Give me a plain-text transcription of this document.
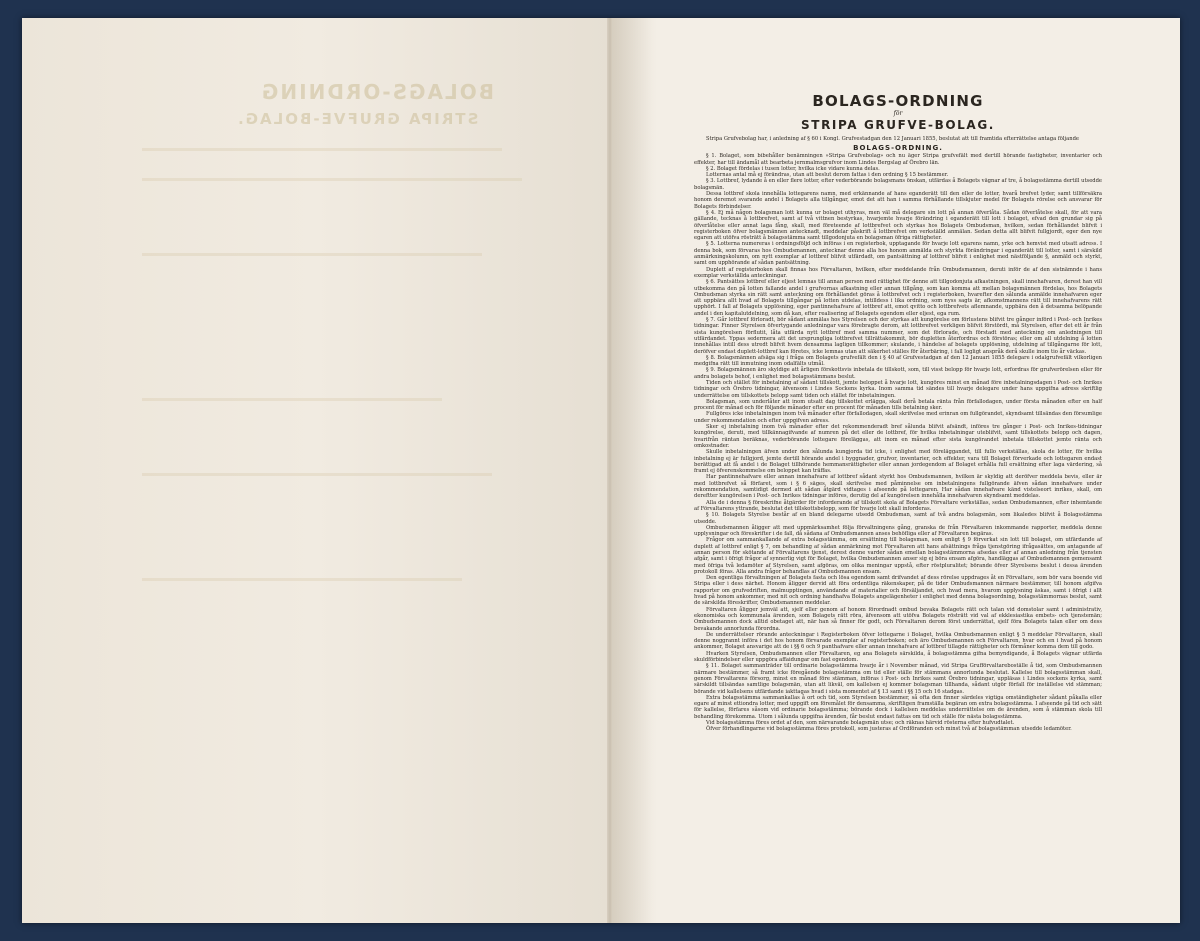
BOLAGS-ORDNING
STRIPA GRUFVE-BOLAG.
BOLAGS-ORDNING

för

STRIPA GRUFVE-BOLAG.

Stripa Grufvebolag har, i anledning af § 60 i Kongl. Grufvestadgan den 12 Januari 1855, beslutat att till framtida efterrättelse antaga följande

BOLAGS-ORDNING.

§ 1. Bolaget, som bibehåller benämningen »Stripa Grufvebolag» och nu äger Stripa grufvefält med dertill hörande fastigheter, inventarier och effekter, har till ändamål att bearbeta jernmalmsgrufvor inom Lindes Bergslag af Örebro län.

§ 2. Bolaget fördelas i tusen lotter, hvilka icke vidare kunna delas.

Lotternas antal må ej förändras, utan att beslut derom fattas i den ordning § 15 bestämmer.

§ 3. Lottbref, lydande å en eller flere lotter, efter vederbörande bolagsmans önskan, utfärdas å Bolagets vägnar af tre, å bolagsstämma dertill utsedde bolagsmän.

Dessa lottbref skola innehålla lottegarens namn, med erkännande af hans eganderätt till den eller de lotter, hvarå brefvet lyder, samt tillförsäkra honom deremot svarande andel i Bolagets alla tillgångar, emot det att han i samma förhållande tillskjuter medel för Bolagets rörelse och ansvarar för Bolagets förbindelser.

§ 4. Ej må någon bolagsman lott kunna ur bolaget uthyras, men väl må delegare sin lott på annan öfverlåta. Sådan öfverlåtelse skall, för att vara gällande, tecknas å lottbrefvet, samt af två vittnen bestyrkas, hvarjemte hvarje förändring i eganderätt till lott i bolaget, efvad den grundar sig på öfverlåtelse eller annat laga fång, skall, med företeende af lottbrefvet och styrkas hos Bolagets Ombudsman, hvilken, sedan förhållandet blifvit i registerboken öfver bolagsmännen antecknadt, meddelar påskrift å lottbrefvet om verkställd anmälan. Sedan detta allt blifvit fullgjordt, eger den nye egaren att utöfva rösträtt å bolagsstämma samt tillgodonjuta en bolagsman öfriga rättigheter.

§ 5. Lotterna numereras i ordningsföljd och införas i en registerbok, upptagande för hvarje lott egarens namn, yrke och hemvist med utsatt adress. I denna bok, som förvaras hos Ombudsmannen, antecknar denne alla hos honom anmälda och styrkta förändringar i eganderätt till lotter, samt i särskild anmärkningskolumn, om nytt exemplar af lottbref blifvit utfärdadt, om pantsättning af lottbref blifvit i enlighet med nästföljande §, anmäld och styrkt, samt om upphörande af sådan pantsättning.

Duplett af registerboken skall finnas hos Förvaltaren, hvilken, efter meddelande från Ombudsmannen, deruti inför de af den sistnämnde i hans exemplar verkställda anteckningar.

§ 6. Pantsättes lottbref eller eljest lemnas till annan person med rättighet för denne att tillgodonjuta afkastningen, skall innehafvaren, derest han vill utbekomma den på lotten fallande andel i grufvornas afkastning eller annan tillgång, som kan komma att mellan bolagsmännen fördelas, hos Bolagets Ombudsman styrka sin rätt samt anteckning om förhållandet göras å lottbrefvet och i registerboken, hvarefter den sålunda anmälde innehafvaren eger att uppbära allt hvad af Bolagets tillgångar på lotten utdelas, intilldess i lika ordning, som nyss sagts är, afkomstmannens rätt till innehafvarens rätt upphört. I fall af Bolagets upplösning, eger pantinnehafvare af lottbref att, emot qvitto och lottbrefvets aflemnande, uppbära den å detsamma belöpande andel i den kapitalutdelning, som då kan, efter realisering af Bolagets egendom eller eljest, ega rum.

§ 7. Går lottbref förloradt, bör sådant anmälas hos Styrelsen och der styrkas att kungörelse om förlustens blifvit tre gånger införd i Post- och Inrikes tidningar. Finner Styrelsen öfvertygande anledningar vara förebragte derom, att lottbrefvet verkligen blifvit förstördt, må Styrelsen, efter det ett år från sista kungörelsen förflutit, låta utfärda nytt lottbref med samma nummer, som det förlorade, och förstadt med anteckning om anledningen till utfärdandet. Yppas sedermera att det ursprungliga lottbrefvet tillrättakommit, bör dupletten återfordras och förstöras; eller om all utdelning å lotten innehållas intill dess utredt blifvit hvem densamma lagligen tillkommer; skulande, i händelse af bolagets upplösning, utdelning af tillgångarne för lott, deröfver endast duplett-lottbref kan företes, icke lemnas utan att säkerhet ställes för återbäring, i fall logligt anspråk derå skulle inom tio år väckas.

§ 8. Bolagsmännen afsäga sig i fråga om Bolagets grufvefält den i § 40 af Grufvestadgan af den 12 Januari 1855 delegare i odalgrufvefält vilkorligen medgifna rätt till inmutning inom odalfälts utmål.

§ 9. Bolagsmännen äro skyldige att årligen förskottsvis inbetala de tillskott, som, till visst belopp för hvarje lott, erfordras för grufverörelsen eller för andra bolagets behof, i enlighet med bolagsstämmans beslut.

Tiden och stället för inbetalning af sådant tillskott, jemte beloppet å hvarje lott, kungöres minst en månad före inbetalningsdagen i Post- och Inrikes tidningar och Örebro tidningar, äfvensom i Lindes Sockens kyrka. Inom samma tid sändes till hvarje delegare under hans uppgifna adress skriftlig underrättelse om tillskottets belopp samt tiden och stället för inbetalningen.

Bolagsman, som underlåter att inom utsatt dag tillskottet erlägga, skall derå betala ränta från förfallodagen, under första månaden efter en half procent för månad och för följande månader efter en procent för månaden tills betalning sker.

Fullgöres icke inbetalningen inom två månader efter förfallodagen, skall skrifvelse med erinran om fullgörandet, skyndsamt tillsändas den försumlige under rekommendation och efter uppgifven adress.

Sker ej inbetalning inom två månader efter det rekommenderadt bref sålunda blifvit afsändt, införes tre gånger i Post- och Inrikes-tidningar kungörelse, deruti, med tillkännagifvande af numren på det eller de lottbref, för hvilka inbetalningar uteblifvit, samt tillskottets belopp och dagen, hvarifrån räntan beräknas, vederbörande lottegare föreläggas, att inom en månad efter sista kungörandet inbetala tillskottet jemte ränta och omkostnader.

Skulle inbetalningen äfven under den sålunda kungjorda tid icke, i enlighet med föreläggandet, till fullo verkställas, skola de lotter, för hvilka inbetalning ej är fullgjord, jemte dertill hörande andel i byggnader, grufvor, inventarier, och effekter, vara till Bolaget förverkade och lottegaren endast berättigad att få andel i de Bolaget tillhörande hemmansrättigheter eller annan jordegendom af Bolaget erhålla full ersättning efter laga värdering, så framt ej öfverenskommelse om beloppet kan träffas.

Har pantinnehafvare eller annan innehafvare af lottbref sådant styrkt hos Ombudsmannen, hvilken är skyldig att deröfver meddela bevis, eller är med lottbrefvet så förfaret, som i § 6 säges, skall skrifvelse med påminnelse om inbetalningens fullgörande äfven sådan innehafvare under rekommendation, samtidigt dermed att sådan åtgärd vidtages i afseende på lottegaren. Har sådan innehafvare känd vistelseort inrikes, skall, om dereftter kungörelsen i Post- och Inrikes tidningar införes, derutig del af kungörelsen innehålla innehafvaren skyndsamt meddelas.

Alla de i denna § föreskrifne åtgärder för inforderande af tillskott skola af Bolagets Förvaltare verkställas, sedan Ombudsmannen, efter inhemtande af Förvaltarens yttrande, beslutat det tillskottsbelopp, som för hvarje lott skall inforderas.

§ 10. Bolagets Styrelse består af en bland delegarne utsedd Ombudsman, samt af två andra bolagsmän, som likaledes blifvit å Bolagsstämma utsedde.

Ombudsmannen åligger att med uppmärksamhet följa förvaltningens gång, granska de från Förvaltaren inkommande rapporter, meddela denne upplysningar och föreskrifter i de fall, då sådana af Ombudsmannen anses behöfliga eller af Förvaltaren begäras.

Frågor om sammankallande af extra bolagsstämma, om ersättning till bolagsman, som enligt § 9 förverkat sin lott till bolaget, om utfärdande af duplett af lottbref enligt § 7, om behandling af sådan anmärkning mot Förvaltaren att hans afsättnings fråga tjenstgöring ifrågasättes, om antagande af annan person för skötande af Förvaltarens tjenst, derest denne varder sådan emellan bolagsstämmorna afsedas eller af annan anledning från tjensten afgår, samt i öfrigt frågor af synnerlig vigt för Bolaget, hvilka Ombudsmannen anser sig ej böra ensam afgöra, handläggas af Ombudsmannen gemensamt med öfriga två ledamöter af Styrelsen, samt afgöras, om olika meningar uppstå, efter röstpluralitet; börande öfver Styrelsens beslut i dessa ärenden protokoll föras. Alla andra frågor behandlas af Ombudsmannen ensam.

Den egentliga förvaltningen af Bolagets fasta och lösa egendom samt drifvandet af dess rörelse uppdrages åt en Förvaltare, som bör vara boende vid Stripa eller i dess närhet. Honom åligger dervid att föra ordentliga räkenskaper, på de tider Ombudsmannen närmare bestämmer, till honom afgifva rapporter om grufvedriften, malmupptingen, användande af materialier och försäljandet, och hvad mera, hvarom upplysning äskas, samt i öfrigt i allt hvad på honom ankommer, med nit och ordning handhafva Bolagets angelägenheter i enlighet med denna bolagsordning, bolagsstämmornas beslut, samt de särskilda föreskrifter, Ombudsmannen meddelar.

Förvaltaren åligger jemväl att, sjelf eller genom af honom förordnadt ombud bevaka Bolagets rätt och talan vid domstolar samt i administrativ, ekonomiska och kommunala ärenden, som Bolagets rätt röra, äfvensom att utöfva Bolagets rösträtt vid val af ekklesiastika embets- och tjenstemän; Ombudsmannen dock alltid obetaget att, när han så finner för godt, och Förvaltaren derom först underrättat, sjelf föra Bolagets talan eller om dess bevakande annorlunda förordna.

De underrättelser rörande anteckningar i Registerboken öfver lottegarne i Bolaget, hvilka Ombudsmannen enligt § 5 meddelar Förvaltaren, skall denne noggrannt införa i det hos honom förvarade exemplar af registerboken; och äro Ombudsmannen och Förvaltaren, hvar och en i hvad på honom ankommer, Bolaget ansvarige att de i §§ 6 och 9 panthafvare eller annan innehafvare af lottbref tillagde rättigheter och förmåner komma dem till godo.

Hvarken Styrelsen, Ombudsmannen eller Förvaltaren, eg ana Bolagets särskilda, å bolagsstämma gifna bemyndigande, å Bolagets vägnar utfärda skuldförbindelser eller uppgöra affaidungar om fast egendom.

§ 11. Bolaget sammanträder till ordinarie bolagsstämma hvarje år i November månad, vid Stripa Grufförvaltareboställe å tid, som Ombudsmannen närmare bestämmer, så framt icke föregående bolagsstämma om tid eller ställe för stämmans annorlunda beslutat. Kallelse till bolagsstämman skall, genom Förvaltarens försorg, minst en månad före stämman, införas i Post- och Inrikes samt Örebro tidningar, uppläsas i Lindes sockens kyrka, samt särskildt tillsändas samtlige bolagsmän, utan att likväl, om kallelsen ej kommer bolagsman tillhanda, sådant utgör förfall för inställelse vid stämman; börande vid kallelsens utfärdande iakttagas hvad i sista momentet af § 13 samt i §§ 15 och 16 stadgas.

Extra bolagsstämma sammankallas å ort och tid, som Styrelsen bestämmer, så ofta den finner särdeles vigtiga omständigheter sådant påkalla eller egare af minst ettiondra lotter, med uppgift om föremålet för densamma, skriftligen framställa begäran om extra bolagsstämma. I afseende på tid och sätt för kallelse, förfares såsom vid ordinarie bolagsstämma; börande dock i kallelsen meddelas underrättelse om de ärenden, som å stämman skola till behandling förekomma. Utom i sålunda uppgifna ärenden, får beslut endast fattas om tid och ställe för nästa bolagsstämma.

Vid bolagsstämma föres ordet af den, som närvarande bolagsmän utse; och räknas härvid rösterna efter hufvudtalet.

Öfver förhandlingarne vid bolagsstämma föres protokoll, som justeras af Ordföranden och minst två af bolagsstämman utsedde ledamöter.
